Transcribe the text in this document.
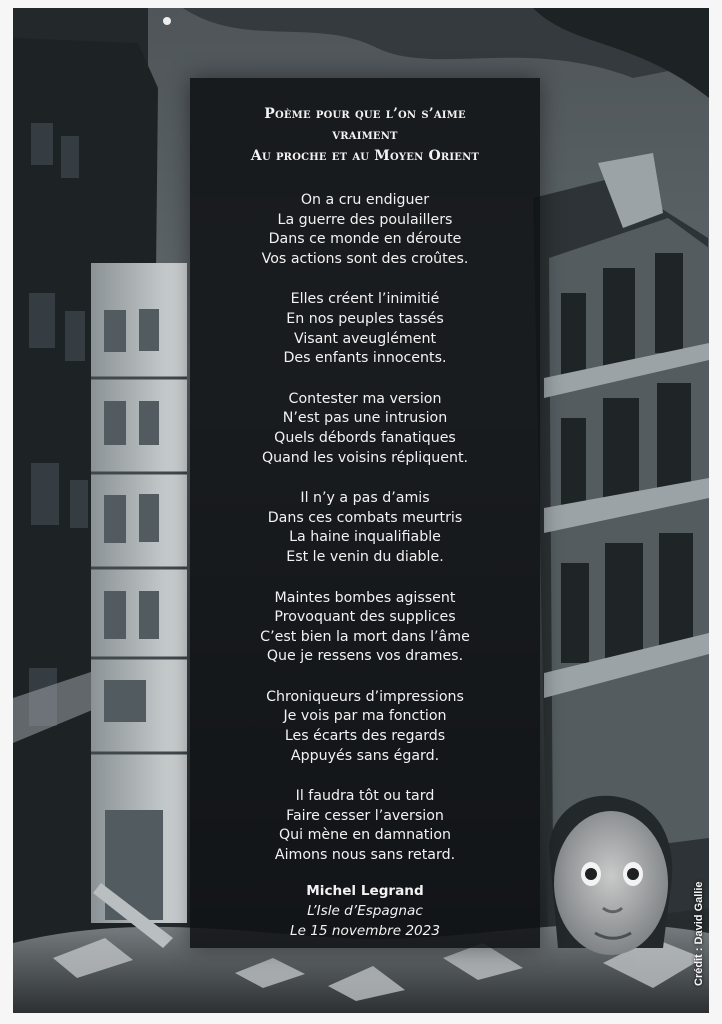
Poème pour que l’on s’aime
vraiment
Au proche et au Moyen Orient
On a cru endiguer
La guerre des poulaillers
Dans ce monde en déroute
Vos actions sont des croûtes.
Elles créent l’inimitié
En nos peuples tassés
Visant aveuglément
Des enfants innocents.
Contester ma version
N’est pas une intrusion
Quels débords fanatiques
Quand les voisins répliquent.
Il n’y a pas d’amis
Dans ces combats meurtris
La haine inqualifiable
Est le venin du diable.
Maintes bombes agissent
Provoquant des supplices
C’est bien la mort dans l’âme
Que je ressens vos drames.
Chroniqueurs d’impressions
Je vois par ma fonction
Les écarts des regards
Appuyés sans égard.
Il faudra tôt ou tard
Faire cesser l’aversion
Qui mène en damnation
Aimons nous sans retard.
Michel Legrand
L’Isle d’Espagnac
Le 15 novembre 2023	Crédit : David Gallie
